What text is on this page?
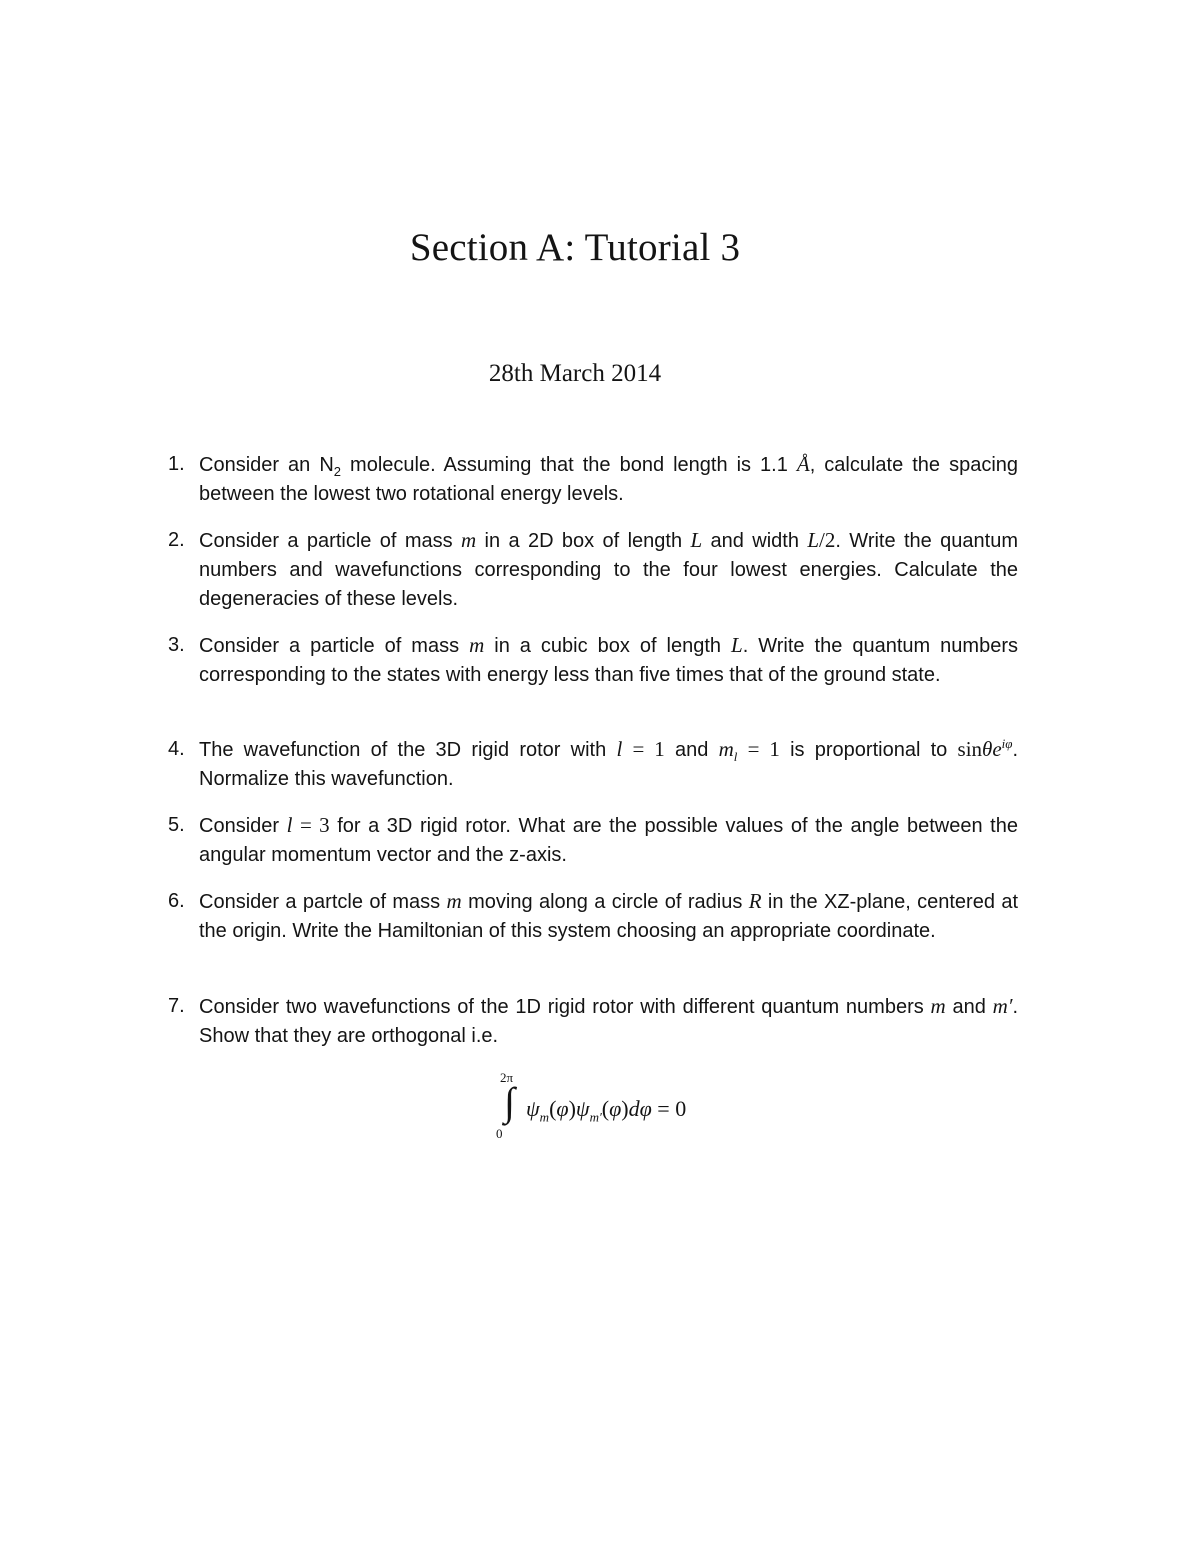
Section A: Tutorial 3
28th March 2014
1. Consider an $N_2$ molecule. Assuming that the bond length is 1.1 Å, calculate the spacing between the lowest two rotational energy levels.
2. Consider a particle of mass m in a 2D box of length L and width L/2. Write the quantum numbers and wavefunctions corresponding to the four lowest energies. Calculate the degeneracies of these levels.
3. Consider a particle of mass m in a cubic box of length L. Write the quantum numbers corresponding to the states with energy less than five times that of the ground state.
4. The wavefunction of the 3D rigid rotor with l = 1 and $m_l = 1$ is proportional to sinθe$^{i\varphi}$. Normalize this wavefunction.
5. Consider l = 3 for a 3D rigid rotor. What are the possible values of the angle between the angular momentum vector and the z-axis.
6. Consider a partcle of mass m moving along a circle of radius R in the XZ-plane, centered at the origin. Write the Hamiltonian of this system choosing an appropriate coordinate.
7. Consider two wavefunctions of the 1D rigid rotor with different quantum numbers m and m′. Show that they are orthogonal i.e.
2π
∫
0
$\psi_m(\varphi)\psi_{m'}(\varphi)d\varphi = 0$
